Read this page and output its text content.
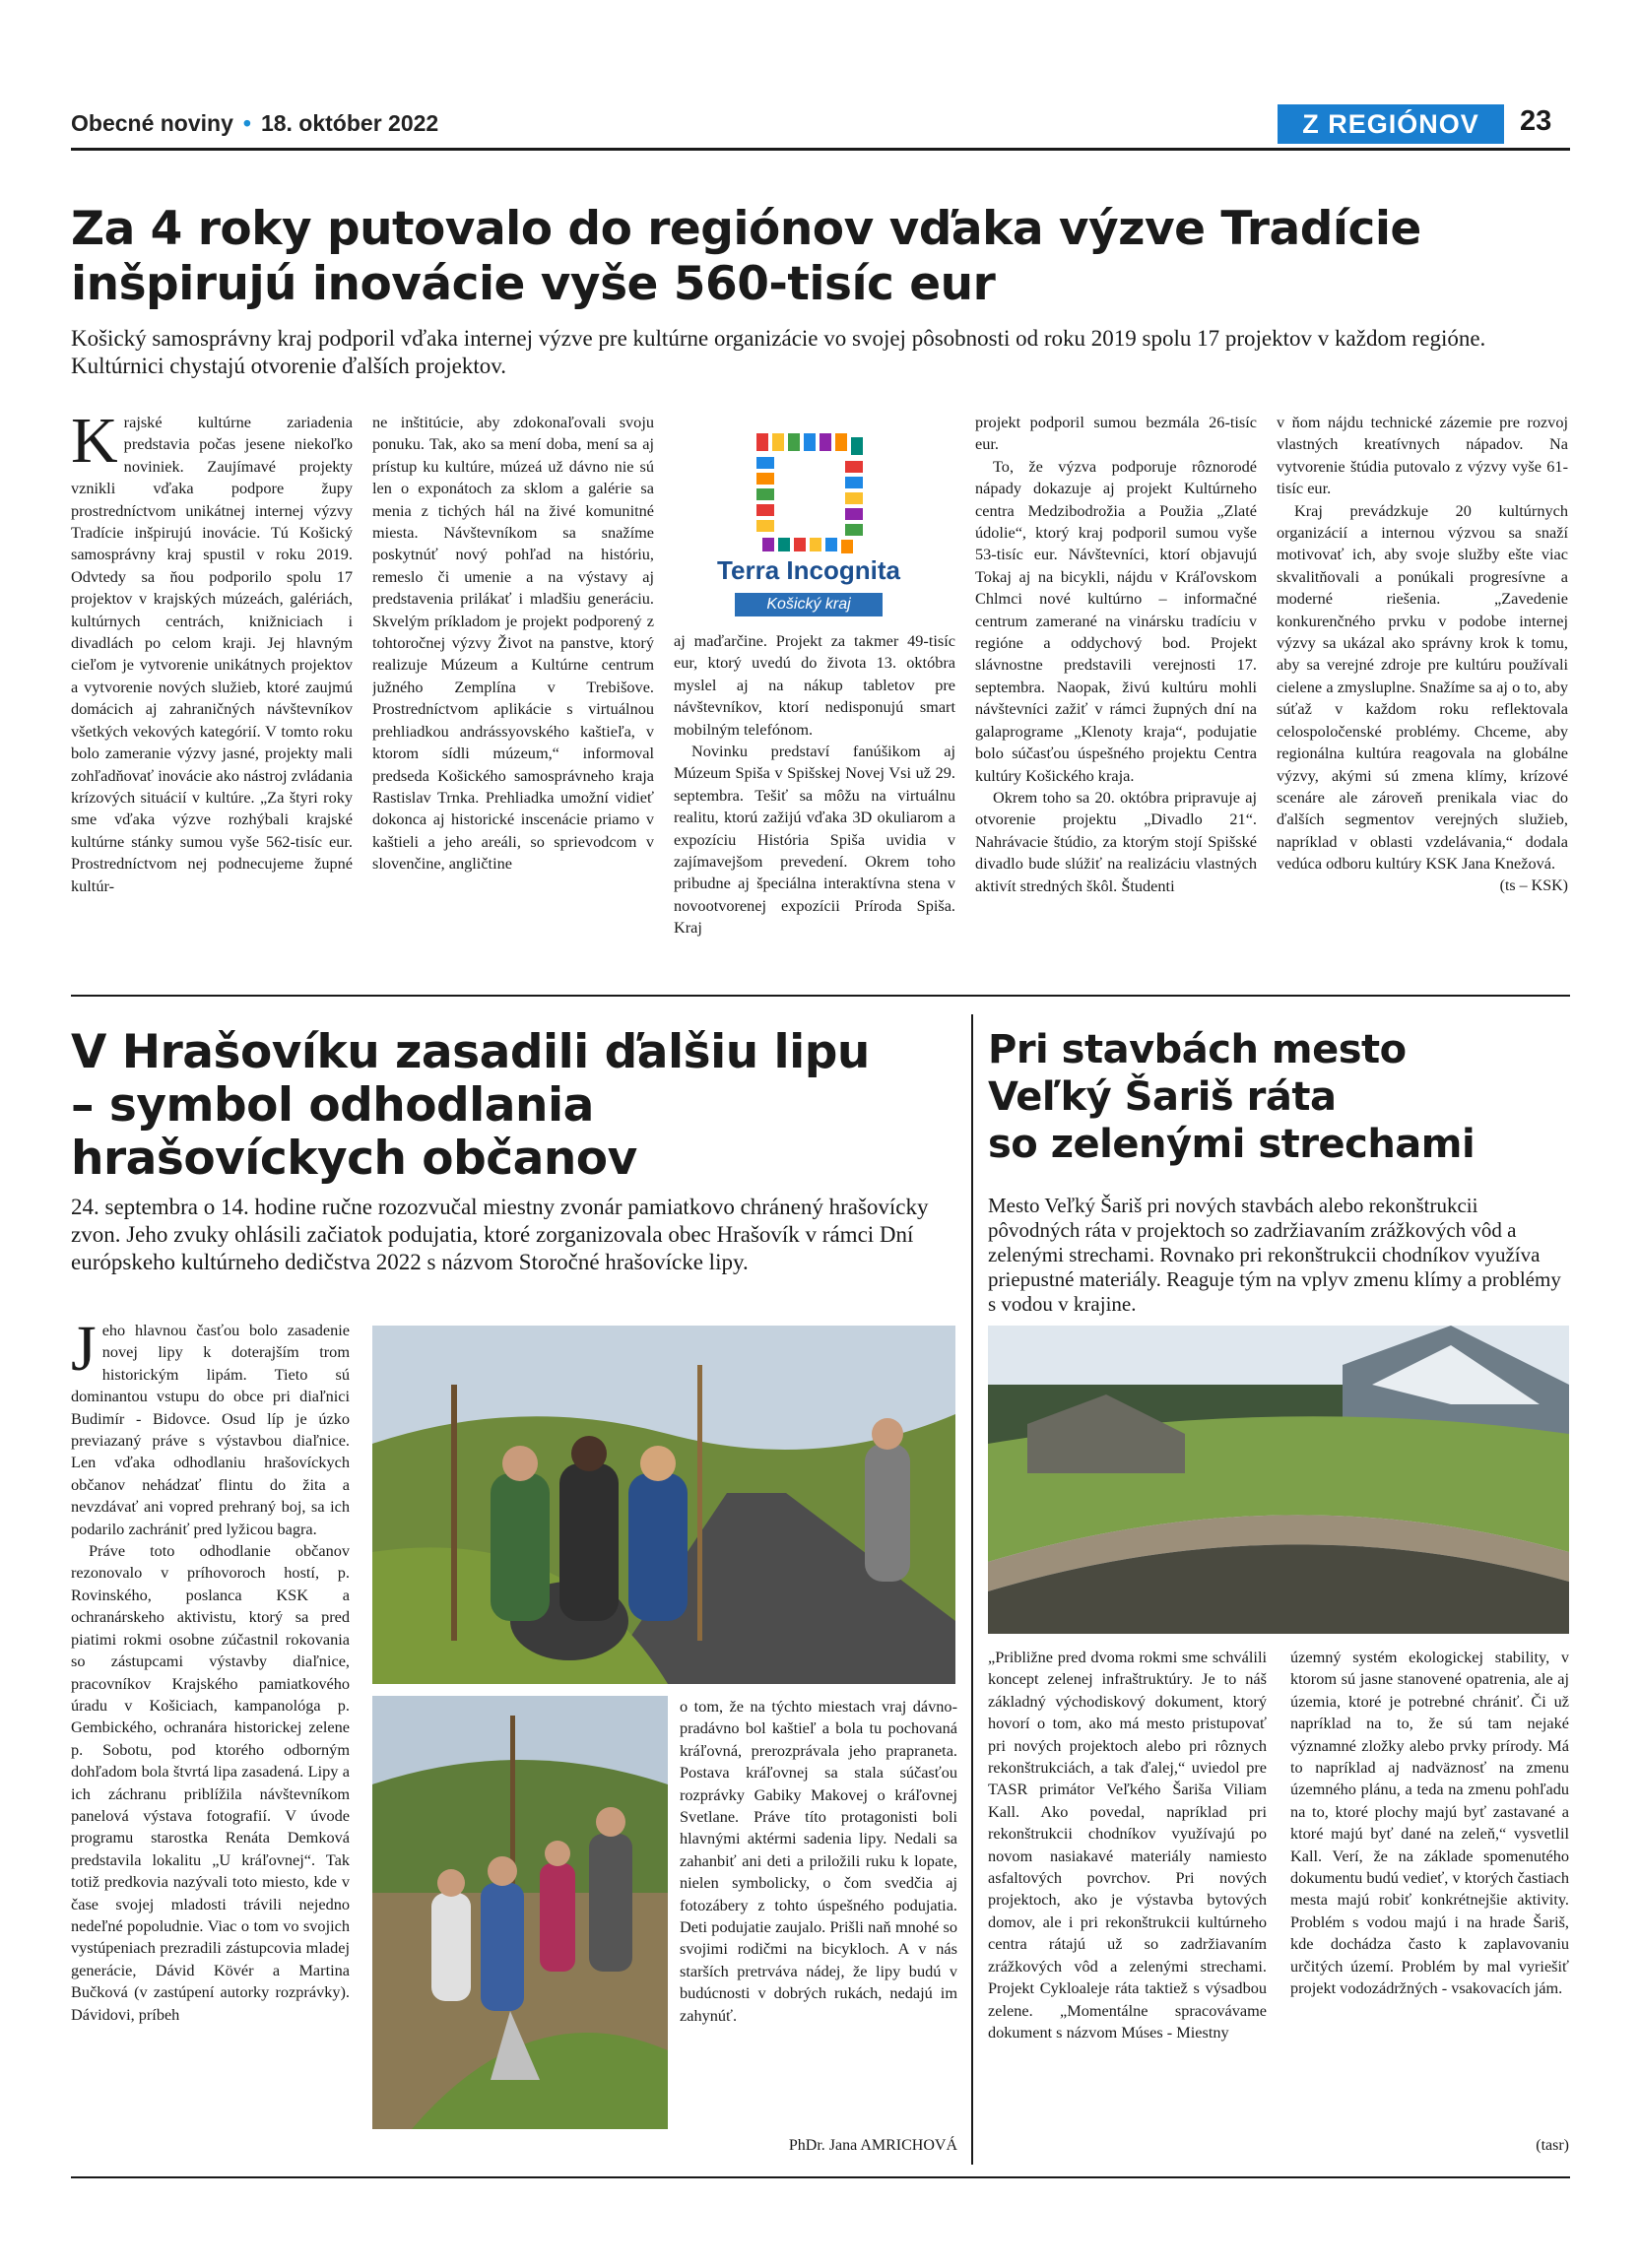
Obecné noviny • 18. október 2022	Z REGIÓNOV	23
Za 4 roky putovalo do regiónov vďaka výzve Tradície
inšpirujú inovácie vyše 560-tisíc eur
Košický samosprávny kraj podporil vďaka internej výzve pre kultúrne organizácie vo svojej pôsobnosti od roku 2019 spolu 17 projektov v každom regióne. Kultúrnici chystajú otvorenie ďalších projektov.

Krajské kultúrne zariadenia predstavia počas jesene niekoľko noviniek. Zaujímavé projekty vznikli vďaka podpore župy prostredníctvom unikátnej internej výzvy Tradície inšpirujú inovácie. Tú Košický samosprávny kraj spustil v roku 2019. Odvtedy sa ňou podporilo spolu 17 projektov v krajských múzeách, galériách, kultúrnych centrách, knižniciach i divadlách po celom kraji. Jej hlavným cieľom je vytvorenie unikátnych projektov a vytvorenie nových služieb, ktoré zaujmú domácich aj zahraničných návštevníkov všetkých vekových kategórií. V tomto roku bolo zameranie výzvy jasné, projekty mali zohľadňovať inovácie ako nástroj zvládania krízových situácií v kultúre. „Za štyri roky sme vďaka výzve rozhýbali krajské kultúrne stánky sumou vyše 562-tisíc eur. Prostredníctvom nej podnecujeme župné kultúr-

ne inštitúcie, aby zdokonaľovali svoju ponuku. Tak, ako sa mení doba, mení sa aj prístup ku kultúre, múzeá už dávno nie sú len o exponátoch za sklom a galérie sa menia z tichých hál na živé komunitné miesta. Návštevníkom sa snažíme poskytnúť nový pohľad na históriu, remeslo či umenie a na výstavy aj predstavenia prilákať i mladšiu generáciu. Skvelým príkladom je projekt podporený z tohtoročnej výzvy Život na panstve, ktorý realizuje Múzeum a Kultúrne centrum južného Zemplína v Trebišove. Prostredníctvom aplikácie s virtuálnou prehliadkou andrássyovského kaštieľa, v ktorom sídli múzeum,“ informoval predseda Košického samosprávneho kraja Rastislav Trnka. Prehliadka umožní vidieť dokonca aj historické inscenácie priamo v kaštieli a jeho areáli, so sprievodcom v slovenčine, angličtine

Terra Incognita
Košický kraj

aj maďarčine. Projekt za takmer 49-tisíc eur, ktorý uvedú do života 13. októbra myslel aj na nákup tabletov pre návštevníkov, ktorí nedisponujú smart mobilným telefónom.

Novinku predstaví fanúšikom aj Múzeum Spiša v Spišskej Novej Vsi už 29. septembra. Tešiť sa môžu na virtuálnu realitu, ktorú zažijú vďaka 3D okuliarom a expozíciu História Spiša uvidia v zajímavejšom prevedení. Okrem toho pribudne aj špeciálna interaktívna stena v novootvorenej expozícii Príroda Spiša. Kraj

projekt podporil sumou bezmála 26-tisíc eur.

To, že výzva podporuje rôznorodé nápady dokazuje aj projekt Kultúrneho centra Medzibodrožia a Použia „Zlaté údolie“, ktorý kraj podporil sumou vyše 53-tisíc eur. Návštevníci, ktorí objavujú Tokaj aj na bicykli, nájdu v Kráľovskom Chlmci nové kultúrno – informačné centrum zamerané na vinársku tradíciu v regióne a oddychový bod. Projekt slávnostne predstavili verejnosti 17. septembra. Naopak, živú kultúru mohli návštevníci zažiť v rámci župných dní na galaprograme „Klenoty kraja“, podujatie bolo súčasťou úspešného projektu Centra kultúry Košického kraja.

Okrem toho sa 20. októbra pripravuje aj otvorenie projektu „Divadlo 21“. Nahrávacie štúdio, za ktorým stojí Spišské divadlo bude slúžiť na realizáciu vlastných aktivít stredných škôl. Študenti

v ňom nájdu technické zázemie pre rozvoj vlastných kreatívnych nápadov. Na vytvorenie štúdia putovalo z výzvy vyše 61-tisíc eur.

Kraj prevádzkuje 20 kultúrnych organizácií a internou výzvou sa snaží motivovať ich, aby svoje služby ešte viac skvalitňovali a ponúkali progresívne a moderné riešenia. „Zavedenie konkurenčného prvku v podobe internej výzvy sa ukázal ako správny krok k tomu, aby sa verejné zdroje pre kultúru používali cielene a zmysluplne. Snažíme sa aj o to, aby súťaž v každom roku reflektovala celospoločenské problémy. Chceme, aby regionálna kultúra reagovala na globálne výzvy, akými sú zmena klímy, krízové scenáre ale zároveň prenikala viac do ďalších segmentov verejných služieb, napríklad v oblasti vzdelávania,“ dodala vedúca odboru kultúry KSK Jana Knežová.

(ts – KSK)
V Hrašovíku zasadili ďalšiu lipu
– symbol odhodlania
hrašovíckych občanov
24. septembra o 14. hodine ručne rozozvučal miestny zvonár pamiatkovo chránený hrašovícky zvon. Jeho zvuky ohlásili začiatok podujatia, ktoré zorganizovala obec Hrašovík v rámci Dní európskeho kultúrneho dedičstva 2022 s názvom Storočné hrašovícke lipy.

Jeho hlavnou časťou bolo zasadenie novej lipy k doterajším trom historickým lipám. Tieto sú dominantou vstupu do obce pri diaľnici Budimír - Bidovce. Osud líp je úzko previazaný práve s výstavbou diaľnice. Len vďaka odhodlaniu hrašovíckych občanov nehádzať flintu do žita a nevzdávať ani vopred prehraný boj, sa ich podarilo zachrániť pred lyžicou bagra.

Práve toto odhodlanie občanov rezonovalo v príhovoroch hostí, p. Rovinského, poslanca KSK a ochranárskeho aktivistu, ktorý sa pred piatimi rokmi osobne zúčastnil rokovania so zástupcami výstavby diaľnice, pracovníkov Krajského pamiatkového úradu v Košiciach, kampanológa p. Gembického, ochranára historickej zelene p. Sobotu, pod ktorého odborným dohľadom bola štvrtá lipa zasadená. Lipy a ich záchranu priblížila návštevníkom panelová výstava fotografií. V úvode programu starostka Renáta Demková predstavila lokalitu „U kráľovnej“. Tak totiž predkovia nazývali toto miesto, kde v čase svojej mladosti trávili nejedno nedeľné popoludnie. Viac o tom vo svojich vystúpeniach prezradili zástupcovia mladej generácie, Dávid Kövér a Martina Bučková (v zastúpení autorky rozprávky). Dávidovi, príbeh

o tom, že na týchto miestach vraj dávno-pradávno bol kaštieľ a bola tu pochovaná kráľovná, prerozprávala jeho prapraneta. Postava kráľovnej sa stala súčasťou rozprávky Gabiky Makovej o kráľovnej Svetlane. Práve títo protagonisti boli hlavnými aktérmi sadenia lipy. Nedali sa zahanbiť ani deti a priložili ruku k lopate, nielen symbolicky, o čom svedčia aj fotozábery z tohto úspešného podujatia. Deti podujatie zaujalo. Prišli naň mnohé so svojimi rodičmi na bicykloch. A v nás starších pretrváva nádej, že lipy budú v budúcnosti v dobrých rukách, nedajú im zahynúť.

PhDr. Jana AMRICHOVÁ
Pri stavbách mesto
Veľký Šariš ráta
so zelenými strechami
Mesto Veľký Šariš pri nových stavbách alebo rekonštrukcii pôvodných ráta v projektoch so zadržiavaním zrážkových vôd a zelenými strechami. Rovnako pri rekonštrukcii chodníkov využíva priepustné materiály. Reaguje tým na vplyv zmenu klímy a problémy s vodou v krajine.

„Približne pred dvoma rokmi sme schválili koncept zelenej infraštruktúry. Je to náš základný východiskový dokument, ktorý hovorí o tom, ako má mesto pristupovať pri nových projektoch alebo pri rôznych rekonštrukciách, a tak ďalej,“ uviedol pre TASR primátor Veľkého Šariša Viliam Kall. Ako povedal, napríklad pri rekonštrukcii chodníkov využívajú po novom nasiakavé materiály namiesto asfaltových povrchov. Pri nových projektoch, ako je výstavba bytových domov, ale i pri rekonštrukcii kultúrneho centra rátajú už so zadržiavaním zrážkových vôd a zelenými strechami. Projekt Cykloaleje ráta taktiež s výsadbou zelene. „Momentálne spracovávame dokument s názvom Múses - Miestny

územný systém ekologickej stability, v ktorom sú jasne stanovené opatrenia, ale aj územia, ktoré je potrebné chrániť. Či už napríklad na to, že sú tam nejaké významné zložky alebo prvky prírody. Má to napríklad aj nadväznosť na zmenu územného plánu, a teda na zmenu pohľadu na to, ktoré plochy majú byť zastavané a ktoré majú byť dané na zeleň,“ vysvetlil Kall. Verí, že na základe spomenutého dokumentu budú vedieť, v ktorých častiach mesta majú robiť konkrétnejšie aktivity. Problém s vodou majú i na hrade Šariš, kde dochádza často k zaplavovaniu určitých území. Problém by mal vyriešiť projekt vodozádržných - vsakovacích jám.

(tasr)
